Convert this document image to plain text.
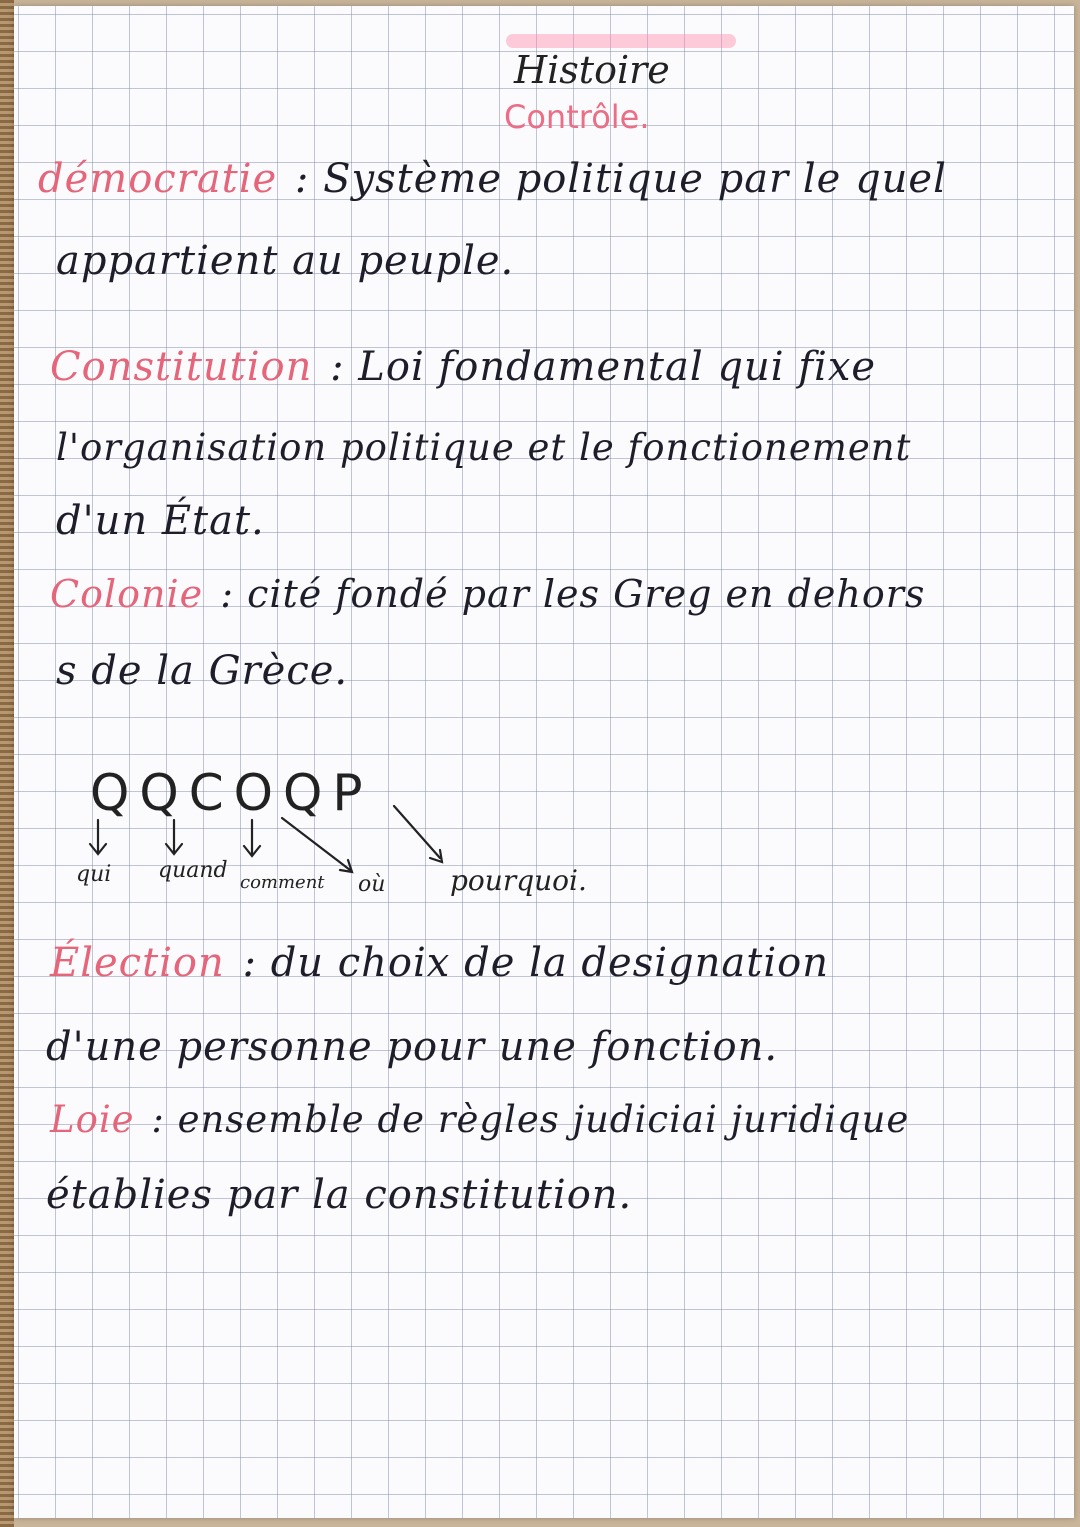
Histoire
Contrôle.
démocratie : Système politique par le quel
appartient au peuple.
Constitution : Loi fondamental qui fixe
l'organisation politique et le fonctionement
d'un État.
Colonie : cité fondé par les Greg en dehors
s de la Grèce.
QQCOQP
qui quand comment où pourquoi.
Élection : du choix de la designation
d'une personne pour une fonction.
Loie : ensemble de règles judiciai juridique
établies par la constitution.
